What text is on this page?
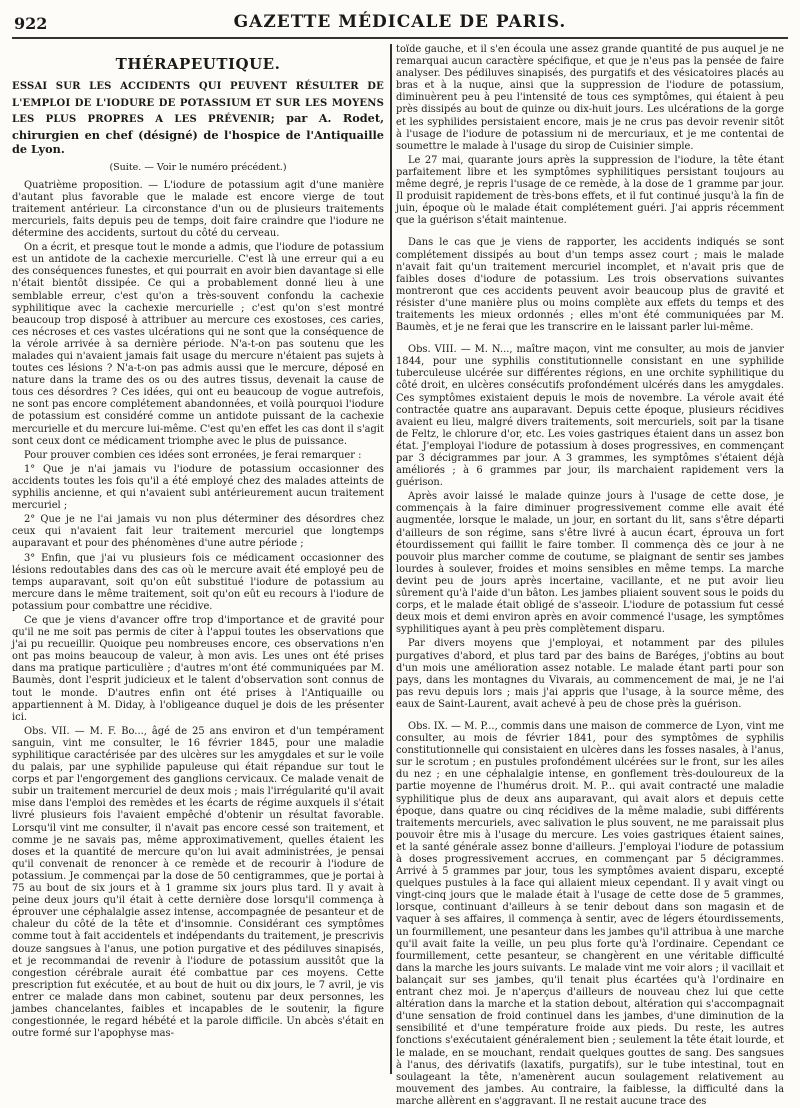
922	GAZETTE MÉDICALE DE PARIS.
THÉRAPEUTIQUE.

ESSAI SUR LES ACCIDENTS QUI PEUVENT RÉSULTER DE L'EMPLOI DE L'IODURE DE POTASSIUM ET SUR LES MOYENS LES PLUS PROPRES A LES PRÉVENIR; par A. Rodet, chirurgien en chef (désigné) de l'hospice de l'Antiquaille de Lyon.

(Suite. — Voir le numéro précédent.)

Quatrième proposition. — L'iodure de potassium agit d'une manière d'autant plus favorable que le malade est encore vierge de tout traitement antérieur. La circonstance d'un ou de plusieurs traitements mercuriels, faits depuis peu de temps, doit faire craindre que l'iodure ne détermine des accidents, surtout du côté du cerveau.

On a écrit, et presque tout le monde a admis, que l'iodure de potassium est un antidote de la cachexie mercurielle. C'est là une erreur qui a eu des conséquences funestes, et qui pourrait en avoir bien davantage si elle n'était bientôt dissipée. Ce qui a probablement donné lieu à une semblable erreur, c'est qu'on a très-souvent confondu la cachexie syphilitique avec la cachexie mercurielle ; c'est qu'on s'est montré beaucoup trop disposé à attribuer au mercure ces exostoses, ces caries, ces nécroses et ces vastes ulcérations qui ne sont que la conséquence de la vérole arrivée à sa dernière période. N'a-t-on pas soutenu que les malades qui n'avaient jamais fait usage du mercure n'étaient pas sujets à toutes ces lésions ? N'a-t-on pas admis aussi que le mercure, déposé en nature dans la trame des os ou des autres tissus, devenait la cause de tous ces désordres ? Ces idées, qui ont eu beaucoup de vogue autrefois, ne sont pas encore complétement abandonnées, et voilà pourquoi l'iodure de potassium est considéré comme un antidote puissant de la cachexie mercurielle et du mercure lui-même. C'est qu'en effet les cas dont il s'agit sont ceux dont ce médicament triomphe avec le plus de puissance.

Pour prouver combien ces idées sont erronées, je ferai remarquer :

1° Que je n'ai jamais vu l'iodure de potassium occasionner des accidents toutes les fois qu'il a été employé chez des malades atteints de syphilis ancienne, et qui n'avaient subi antérieurement aucun traitement mercuriel ;

2° Que je ne l'ai jamais vu non plus déterminer des désordres chez ceux qui n'avaient fait leur traitement mercuriel que longtemps auparavant et pour des phénomènes d'une autre période ;

3° Enfin, que j'ai vu plusieurs fois ce médicament occasionner des lésions redoutables dans des cas où le mercure avait été employé peu de temps auparavant, soit qu'on eût substitué l'iodure de potassium au mercure dans le même traitement, soit qu'on eût eu recours à l'iodure de potassium pour combattre une récidive.

Ce que je viens d'avancer offre trop d'importance et de gravité pour qu'il ne me soit pas permis de citer à l'appui toutes les observations que j'ai pu recueillir. Quoique peu nombreuses encore, ces observations n'en ont pas moins beaucoup de valeur, à mon avis. Les unes ont été prises dans ma pratique particulière ; d'autres m'ont été communiquées par M. Baumès, dont l'esprit judicieux et le talent d'observation sont connus de tout le monde. D'autres enfin ont été prises à l'Antiquaille ou appartiennent à M. Diday, à l'obligeance duquel je dois de les présenter ici.

Obs. VII. — M. F. Bo..., âgé de 25 ans environ et d'un tempérament sanguin, vint me consulter, le 16 février 1845, pour une maladie syphilitique caractérisée par des ulcères sur les amygdales et sur le voile du palais, par une syphilide papuleuse qui était répandue sur tout le corps et par l'engorgement des ganglions cervicaux. Ce malade venait de subir un traitement mercuriel de deux mois ; mais l'irrégularité qu'il avait mise dans l'emploi des remèdes et les écarts de régime auxquels il s'était livré plusieurs fois l'avaient empêché d'obtenir un résultat favorable. Lorsqu'il vint me consulter, il n'avait pas encore cessé son traitement, et comme je ne savais pas, même approximativement, quelles étaient les doses et la quantité de mercure qu'on lui avait administrées, je pensai qu'il convenait de renoncer à ce remède et de recourir à l'iodure de potassium. Je commençai par la dose de 50 centigrammes, que je portai à 75 au bout de six jours et à 1 gramme six jours plus tard. Il y avait à peine deux jours qu'il était à cette dernière dose lorsqu'il commença à éprouver une céphalalgie assez intense, accompagnée de pesanteur et de chaleur du côté de la tête et d'insomnie. Considérant ces symptômes comme tout à fait accidentels et indépendants du traitement, je prescrivis douze sangsues à l'anus, une potion purgative et des pédiluves sinapisés, et je recommandai de revenir à l'iodure de potassium aussitôt que la congestion cérébrale aurait été combattue par ces moyens. Cette prescription fut exécutée, et au bout de huit ou dix jours, le 7 avril, je vis entrer ce malade dans mon cabinet, soutenu par deux personnes, les jambes chancelantes, faibles et incapables de le soutenir, la figure congestionnée, le regard hébété et la parole difficile. Un abcès s'était en outre formé sur l'apophyse mas-

toïde gauche, et il s'en écoula une assez grande quantité de pus auquel je ne remarquai aucun caractère spécifique, et que je n'eus pas la pensée de faire analyser. Des pédiluves sinapisés, des purgatifs et des vésicatoires placés au bras et à la nuque, ainsi que la suppression de l'iodure de potassium, diminuèrent peu à peu l'intensité de tous ces symptômes, qui étaient à peu près dissipés au bout de quinze ou dix-huit jours. Les ulcérations de la gorge et les syphilides persistaient encore, mais je ne crus pas devoir revenir sitôt à l'usage de l'iodure de potassium ni de mercuriaux, et je me contentai de soumettre le malade à l'usage du sirop de Cuisinier simple.

Le 27 mai, quarante jours après la suppression de l'iodure, la tête étant parfaitement libre et les symptômes syphilitiques persistant toujours au même degré, je repris l'usage de ce remède, à la dose de 1 gramme par jour. Il produisit rapidement de très-bons effets, et il fut continué jusqu'à la fin de juin, époque où le malade était complétement guéri. J'ai appris récemment que la guérison s'était maintenue.

Dans le cas que je viens de rapporter, les accidents indiqués se sont complétement dissipés au bout d'un temps assez court ; mais le malade n'avait fait qu'un traitement mercuriel incomplet, et n'avait pris que de faibles doses d'iodure de potassium. Les trois observations suivantes montreront que ces accidents peuvent avoir beaucoup plus de gravité et résister d'une manière plus ou moins complète aux effets du temps et des traitements les mieux ordonnés ; elles m'ont été communiquées par M. Baumès, et je ne ferai que les transcrire en le laissant parler lui-même.

Obs. VIII. — M. N..., maître maçon, vint me consulter, au mois de janvier 1844, pour une syphilis constitutionnelle consistant en une syphilide tuberculeuse ulcérée sur différentes régions, en une orchite syphilitique du côté droit, en ulcères consécutifs profondément ulcérés dans les amygdales. Ces symptômes existaient depuis le mois de novembre. La vérole avait été contractée quatre ans auparavant. Depuis cette époque, plusieurs récidives avaient eu lieu, malgré divers traitements, soit mercuriels, soit par la tisane de Feltz, le chlorure d'or, etc. Les voies gastriques étaient dans un assez bon état. J'employai l'iodure de potassium à doses progressives, en commençant par 3 décigrammes par jour. A 3 grammes, les symptômes s'étaient déjà améliorés ; à 6 grammes par jour, ils marchaient rapidement vers la guérison.

Après avoir laissé le malade quinze jours à l'usage de cette dose, je commençais à la faire diminuer progressivement comme elle avait été augmentée, lorsque le malade, un jour, en sortant du lit, sans s'être départi d'ailleurs de son régime, sans s'être livré à aucun écart, éprouva un fort étourdissement qui faillit le faire tomber. Il commença dès ce jour à ne pouvoir plus marcher comme de coutume, se plaignant de sentir ses jambes lourdes à soulever, froides et moins sensibles en même temps. La marche devint peu de jours après incertaine, vacillante, et ne put avoir lieu sûrement qu'à l'aide d'un bâton. Les jambes pliaient souvent sous le poids du corps, et le malade était obligé de s'asseoir. L'iodure de potassium fut cessé deux mois et demi environ après en avoir commencé l'usage, les symptômes syphilitiques ayant à peu près complètement disparu.

Par divers moyens que j'employai, et notamment par des pilules purgatives d'abord, et plus tard par des bains de Baréges, j'obtins au bout d'un mois une amélioration assez notable. Le malade étant parti pour son pays, dans les montagnes du Vivarais, au commencement de mai, je ne l'ai pas revu depuis lors ; mais j'ai appris que l'usage, à la source même, des eaux de Saint-Laurent, avait achevé à peu de chose près la guérison.

Obs. IX. — M. P..., commis dans une maison de commerce de Lyon, vint me consulter, au mois de février 1841, pour des symptômes de syphilis constitutionnelle qui consistaient en ulcères dans les fosses nasales, à l'anus, sur le scrotum ; en pustules profondément ulcérées sur le front, sur les ailes du nez ; en une céphalalgie intense, en gonflement très-douloureux de la partie moyenne de l'humérus droit. M. P... qui avait contracté une maladie syphilitique plus de deux ans auparavant, qui avait alors et depuis cette époque, dans quatre ou cinq récidives de la même maladie, subi différents traitements mercuriels, avec salivation le plus souvent, ne me paraissait plus pouvoir être mis à l'usage du mercure. Les voies gastriques étaient saines, et la santé générale assez bonne d'ailleurs. J'employai l'iodure de potassium à doses progressivement accrues, en commençant par 5 décigrammes. Arrivé à 5 grammes par jour, tous les symptômes avaient disparu, excepté quelques pustules à la face qui allaient mieux cependant. Il y avait vingt ou vingt-cinq jours que le malade était à l'usage de cette dose de 5 grammes, lorsque, continuant d'ailleurs à se tenir debout dans son magasin et de vaquer à ses affaires, il commença à sentir, avec de légers étourdissements, un fourmillement, une pesanteur dans les jambes qu'il attribua à une marche qu'il avait faite la veille, un peu plus forte qu'à l'ordinaire. Cependant ce fourmillement, cette pesanteur, se changèrent en une véritable difficulté dans la marche les jours suivants. Le malade vint me voir alors ; il vacillait et balançait sur ses jambes, qu'il tenait plus écartées qu'à l'ordinaire en entrant chez moi. Je n'aperçus d'ailleurs de nouveau chez lui que cette altération dans la marche et la station debout, altération qui s'accompagnait d'une sensation de froid continuel dans les jambes, d'une diminution de la sensibilité et d'une température froide aux pieds. Du reste, les autres fonctions s'exécutaient généralement bien ; seulement la tête était lourde, et le malade, en se mouchant, rendait quelques gouttes de sang. Des sangsues à l'anus, des dérivatifs (laxatifs, purgatifs), sur le tube intestinal, tout en soulageant la tête, n'amenèrent aucun soulagement relativement au mouvement des jambes. Au contraire, la faiblesse, la difficulté dans la marche allèrent en s'aggravant. Il ne restait aucune trace des
